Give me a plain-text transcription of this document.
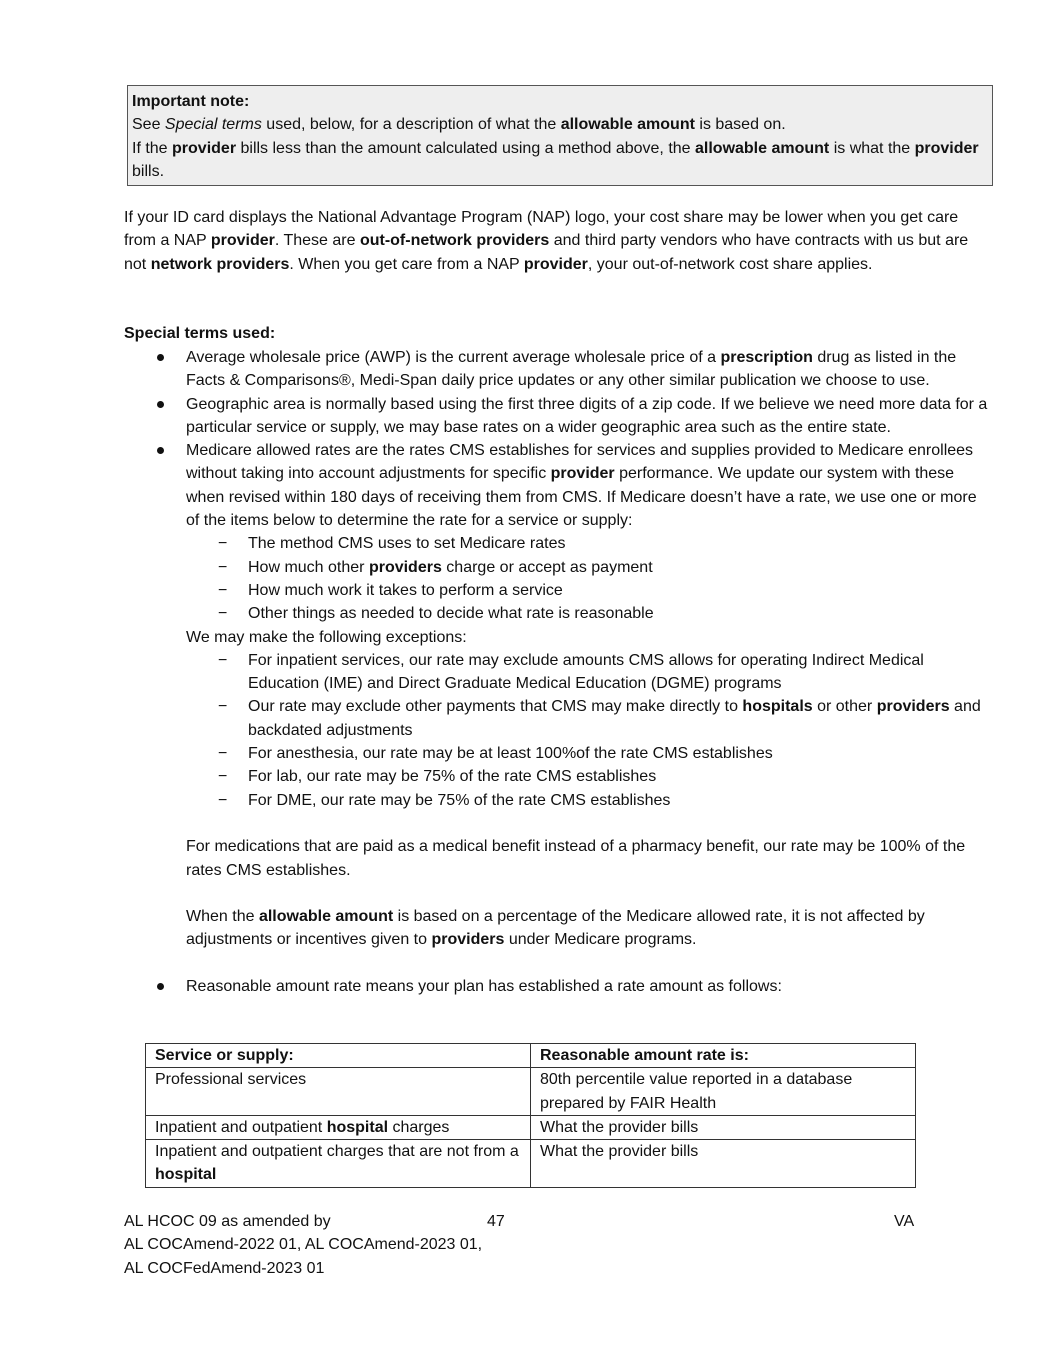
Important note:
See Special terms used, below, for a description of what the allowable amount is based on.
If the provider bills less than the amount calculated using a method above, the allowable amount is what the provider bills.

If your ID card displays the National Advantage Program (NAP) logo, your cost share may be lower when you get care from a NAP provider. These are out-of-network providers and third party vendors who have contracts with us but are not network providers. When you get care from a NAP provider, your out-of-network cost share applies.

Special terms used:

Average wholesale price (AWP) is the current average wholesale price of a prescription drug as listed in the Facts & Comparisons®, Medi-Span daily price updates or any other similar publication we choose to use.
Geographic area is normally based using the first three digits of a zip code. If we believe we need more data for a particular service or supply, we may base rates on a wider geographic area such as the entire state.
Medicare allowed rates are the rates CMS establishes for services and supplies provided to Medicare enrollees without taking into account adjustments for specific provider performance. We update our system with these when revised within 180 days of receiving them from CMS. If Medicare doesn’t have a rate, we use one or more of the items below to determine the rate for a service or supply:
− The method CMS uses to set Medicare rates
− How much other providers charge or accept as payment
− How much work it takes to perform a service
− Other things as needed to decide what rate is reasonable
We may make the following exceptions:
− For inpatient services, our rate may exclude amounts CMS allows for operating Indirect Medical Education (IME) and Direct Graduate Medical Education (DGME) programs
− Our rate may exclude other payments that CMS may make directly to hospitals or other providers and backdated adjustments
− For anesthesia, our rate may be at least 100%of the rate CMS establishes
− For lab, our rate may be 75% of the rate CMS establishes
− For DME, our rate may be 75% of the rate CMS establishes
For medications that are paid as a medical benefit instead of a pharmacy benefit, our rate may be 100% of the rates CMS establishes.
When the allowable amount is based on a percentage of the Medicare allowed rate, it is not affected by adjustments or incentives given to providers under Medicare programs.
Reasonable amount rate means your plan has established a rate amount as follows:
Service or supply:	Reasonable amount rate is:
Professional services	80th percentile value reported in a database prepared by FAIR Health
Inpatient and outpatient hospital charges	What the provider bills
Inpatient and outpatient charges that are not from a hospital	What the provider bills
AL HCOC 09 as amended by
AL COCAmend-2022 01, AL COCAmend-2023 01,
AL COCFedAmend-2023 01
47	VA
